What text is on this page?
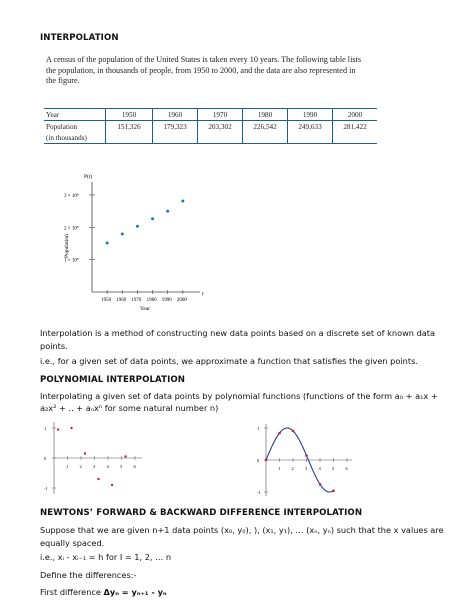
INTERPOLATION
A census of the population of the United States is taken every 10 years. The following table lists the population, in thousands of people, from 1950 to 2000, and the data are also represented in the figure.
Year	1950	1960	1970	1980	1990	2000
Population	151,326	179,323	203,302	226,542	249,633	281,422
(in thousands)						
P(t)
t
Population
Year
1 × 10⁸
2 × 10⁸
3 × 10⁸
1950 1960 1970 1980 1990 2000
Interpolation is a method of constructing new data points based on a discrete set of known data points.
i.e., for a given set of data points, we approximate a function that satisfies the given points.
POLYNOMIAL INTERPOLATION
Interpolating a given set of data points by polynomial functions (functions of the form a₀ + a₁x +
a₂x² + .. + aₙxⁿ for some natural number n)
1
0
-1
1	2	3	4	5	6
1
0
-1
1	2	3	4	5	6
NEWTONS’ FORWARD & BACKWARD DIFFERENCE INTERPOLATION
Suppose that we are given n+1 data points (x₀, y₀), ), (x₁, y₁), … (xₙ, yₙ) such that the x values are equally spaced.
i.e., xᵢ - xᵢ₋₁ = h for I = 1, 2, … n
Define the differences:-
First difference Δyₙ = yₙ₊₁ - yₙ
